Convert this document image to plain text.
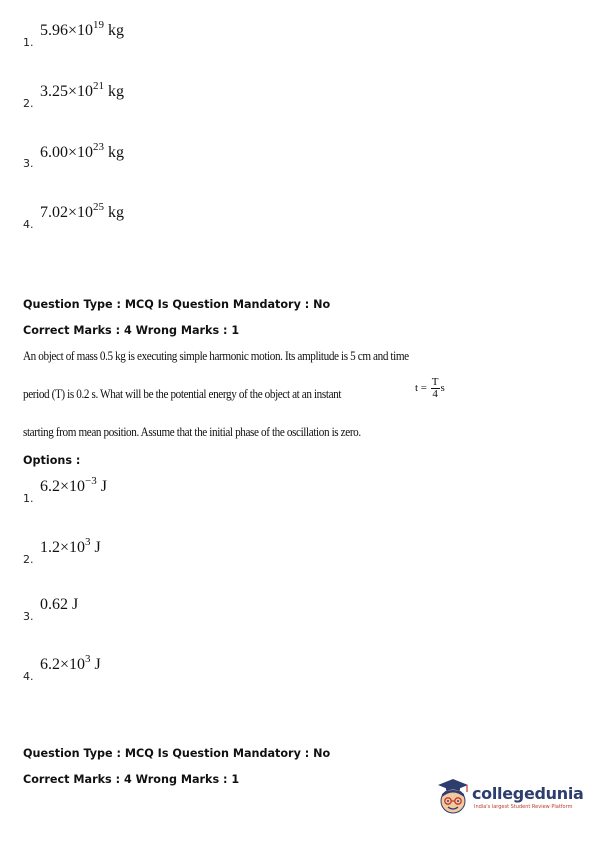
1.
$5.96\times 10^{19}$ kg
2.
$3.25\times 10^{21}$ kg
3.
$6.00\times 10^{23}$ kg
4.
$7.02\times 10^{25}$ kg
Question Type : MCQ Is Question Mandatory : No
Correct Marks : 4 Wrong Marks : 1
An object of mass 0.5 kg is executing simple harmonic motion. Its amplitude is 5 cm and time
period (T) is 0.2 s. What will be the potential energy of the object at an instant	$t = \frac{T}{4}$ s
starting from mean position. Assume that the initial phase of the oscillation is zero.
Options :
1.
$6.2\times 10^{-3}$ J
2.
$1.2\times 10^3$ J
3.
0.62 J
4.
$6.2\times 10^3$ J
Question Type : MCQ Is Question Mandatory : No
Correct Marks : 4 Wrong Marks : 1
collegedunia
India's largest Student Review Platform
